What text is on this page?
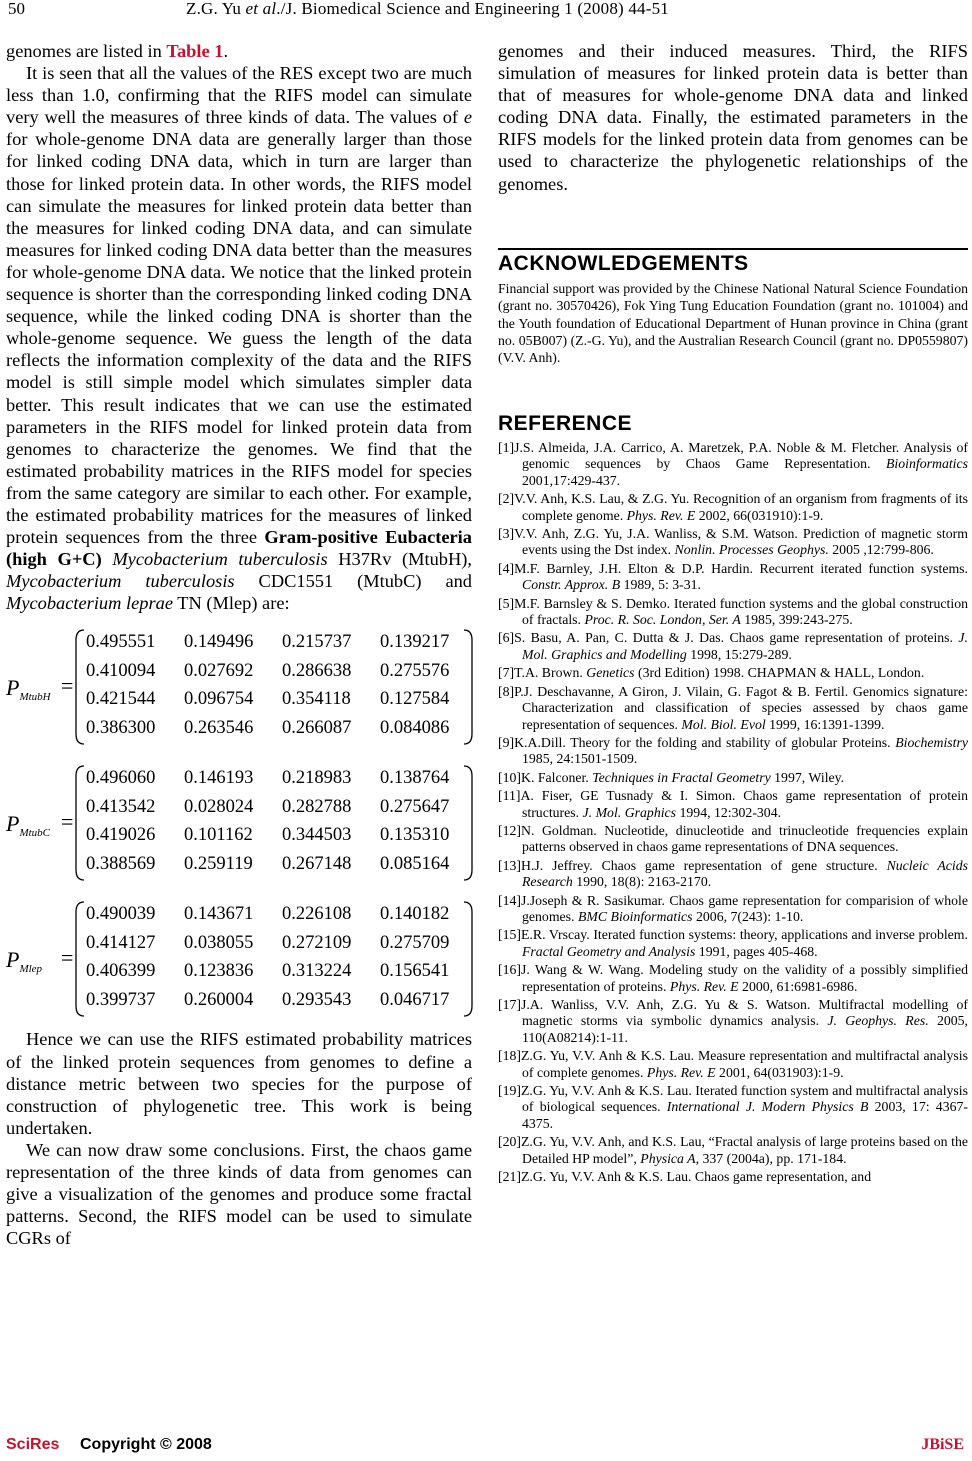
50	Z.G. Yu et al./J. Biomedical Science and Engineering 1 (2008) 44-51

genomes are listed in Table 1.

It is seen that all the values of the RES except two are much less than 1.0, confirming that the RIFS model can simulate very well the measures of three kinds of data. The values of e for whole-genome DNA data are generally larger than those for linked coding DNA data, which in turn are larger than those for linked protein data. In other words, the RIFS model can simulate the measures for linked protein data better than the measures for linked coding DNA data, and can simulate measures for linked coding DNA data better than the measures for whole-genome DNA data. We notice that the linked protein sequence is shorter than the corresponding linked coding DNA sequence, while the linked coding DNA is shorter than the whole-genome sequence. We guess the length of the data reflects the information complexity of the data and the RIFS model is still simple model which simulates simpler data better. This result indicates that we can use the estimated parameters in the RIFS model for linked protein data from genomes to characterize the genomes. We find that the estimated probability matrices in the RIFS model for species from the same category are similar to each other. For example, the estimated probability matrices for the measures of linked protein sequences from the three Gram-positive Eubacteria (high G+C) Mycobacterium tuberculosis H37Rv (MtubH), Mycobacterium tuberculosis CDC1551 (MtubC) and Mycobacterium leprae TN (Mlep) are:

$P_{MtubH}$ =
0.495551 0.149496 0.215737 0.139217
0.410094 0.027692 0.286638 0.275576
0.421544 0.096754 0.354118 0.127584
0.386300 0.263546 0.266087 0.084086
$P_{MtubC}$ =
0.496060 0.146193 0.218983 0.138764
0.413542 0.028024 0.282788 0.275647
0.419026 0.101162 0.344503 0.135310
0.388569 0.259119 0.267148 0.085164
$P_{Mlep}$ =
0.490039 0.143671 0.226108 0.140182
0.414127 0.038055 0.272109 0.275709
0.406399 0.123836 0.313224 0.156541
0.399737 0.260004 0.293543 0.046717

Hence we can use the RIFS estimated probability matrices of the linked protein sequences from genomes to define a distance metric between two species for the purpose of construction of phylogenetic tree. This work is being undertaken.

We can now draw some conclusions. First, the chaos game representation of the three kinds of data from genomes can give a visualization of the genomes and produce some fractal patterns. Second, the RIFS model can be used to simulate CGRs of

genomes and their induced measures. Third, the RIFS simulation of measures for linked protein data is better than that of measures for whole-genome DNA data and linked coding DNA data. Finally, the estimated parameters in the RIFS models for the linked protein data from genomes can be used to characterize the phylogenetic relationships of the genomes.

ACKNOWLEDGEMENTS

Financial support was provided by the Chinese National Natural Science Foundation (grant no. 30570426), Fok Ying Tung Education Foundation (grant no. 101004) and the Youth foundation of Educational Department of Hunan province in China (grant no. 05B007) (Z.-G. Yu), and the Australian Research Council (grant no. DP0559807) (V.V. Anh).

REFERENCE

[1]J.S. Almeida, J.A. Carrico, A. Maretzek, P.A. Noble & M. Fletcher. Analysis of genomic sequences by Chaos Game Representation. Bioinformatics 2001,17:429-437.

[2]V.V. Anh, K.S. Lau, & Z.G. Yu. Recognition of an organism from fragments of its complete genome. Phys. Rev. E 2002, 66(031910):1-9.

[3]V.V. Anh, Z.G. Yu, J.A. Wanliss, & S.M. Watson. Prediction of magnetic storm events using the Dst index. Nonlin. Processes Geophys. 2005 ,12:799-806.

[4]M.F. Barnley, J.H. Elton & D.P. Hardin. Recurrent iterated function systems. Constr. Approx. B 1989, 5: 3-31.

[5]M.F. Barnsley & S. Demko. Iterated function systems and the global construction of fractals. Proc. R. Soc. London, Ser. A 1985, 399:243-275.

[6]S. Basu, A. Pan, C. Dutta & J. Das. Chaos game representation of proteins. J. Mol. Graphics and Modelling 1998, 15:279-289.

[7]T.A. Brown. Genetics (3rd Edition) 1998. CHAPMAN & HALL, London.

[8]P.J. Deschavanne, A Giron, J. Vilain, G. Fagot & B. Fertil. Genomics signature: Characterization and classification of species assessed by chaos game representation of sequences. Mol. Biol. Evol 1999, 16:1391-1399.

[9]K.A.Dill. Theory for the folding and stability of globular Proteins. Biochemistry 1985, 24:1501-1509.

[10]K. Falconer. Techniques in Fractal Geometry 1997, Wiley.

[11]A. Fiser, GE Tusnady & I. Simon. Chaos game representation of protein structures. J. Mol. Graphics 1994, 12:302-304.

[12]N. Goldman. Nucleotide, dinucleotide and trinucleotide frequencies explain patterns observed in chaos game representations of DNA sequences.

[13]H.J. Jeffrey. Chaos game representation of gene structure. Nucleic Acids Research 1990, 18(8): 2163-2170.

[14]J.Joseph & R. Sasikumar. Chaos game representation for comparision of whole genomes. BMC Bioinformatics 2006, 7(243): 1-10.

[15]E.R. Vrscay. Iterated function systems: theory, applications and inverse problem. Fractal Geometry and Analysis 1991, pages 405-468.

[16]J. Wang & W. Wang. Modeling study on the validity of a possibly simplified representation of proteins. Phys. Rev. E 2000, 61:6981-6986.

[17]J.A. Wanliss, V.V. Anh, Z.G. Yu & S. Watson. Multifractal modelling of magnetic storms via symbolic dynamics analysis. J. Geophys. Res. 2005, 110(A08214):1-11.

[18]Z.G. Yu, V.V. Anh & K.S. Lau. Measure representation and multifractal analysis of complete genomes. Phys. Rev. E 2001, 64(031903):1-9.

[19]Z.G. Yu, V.V. Anh & K.S. Lau. Iterated function system and multifractal analysis of biological sequences. International J. Modern Physics B 2003, 17: 4367-4375.

[20]Z.G. Yu, V.V. Anh, and K.S. Lau, “Fractal analysis of large proteins based on the Detailed HP model”, Physica A, 337 (2004a), pp. 171-184.

[21]Z.G. Yu, V.V. Anh & K.S. Lau. Chaos game representation, and

SciRes Copyright © 2008	JBiSE
